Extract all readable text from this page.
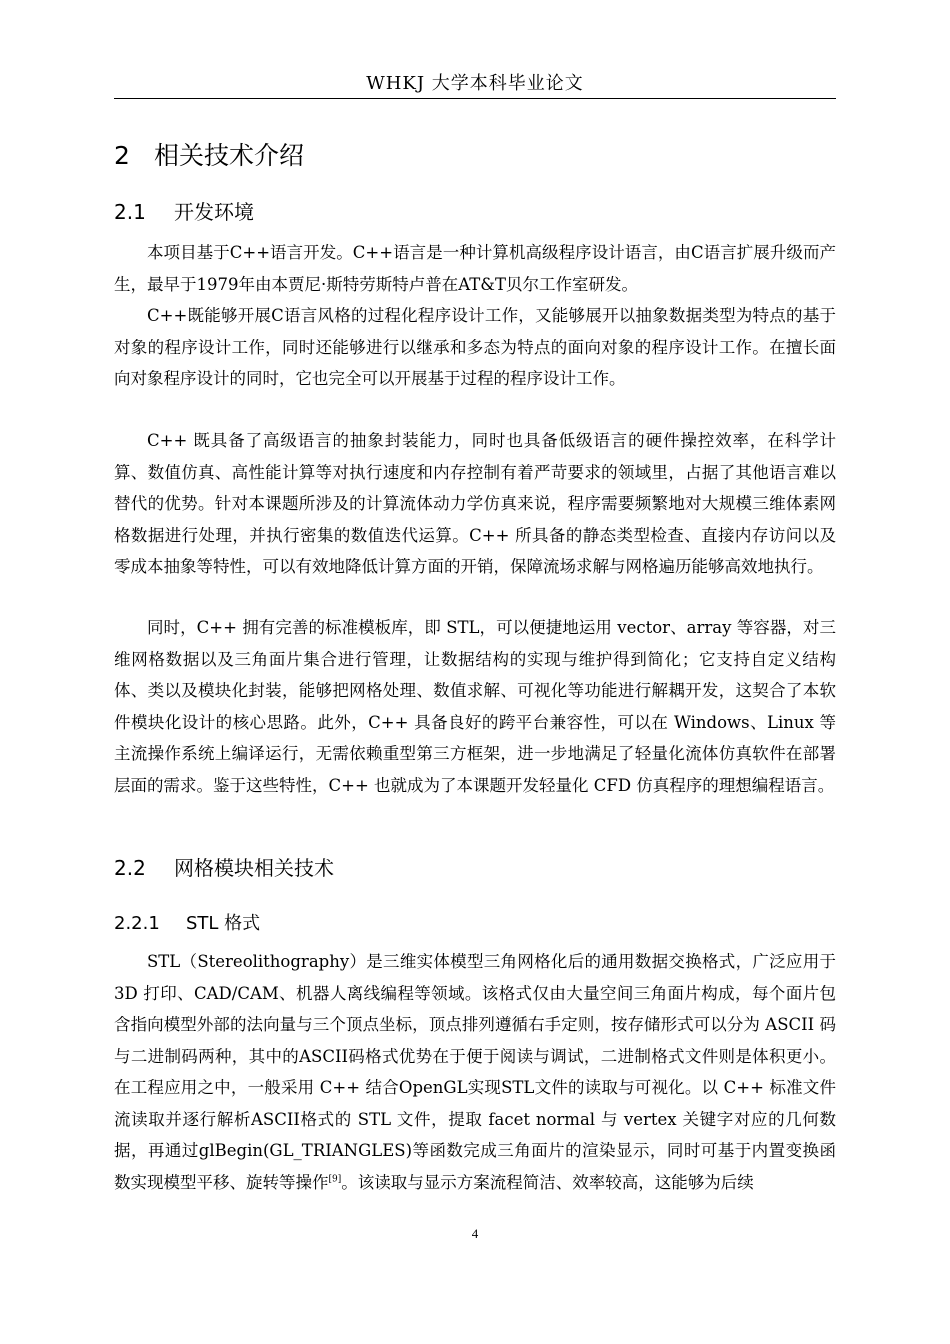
WHKJ 大学本科毕业论文
2 相关技术介绍
2.1 开发环境

本项目基于C++语言开发。C++语言是一种计算机高级程序设计语言，由C语言扩展升级而产生，最早于1979年由本贾尼·斯特劳斯特卢普在AT&T贝尔工作室研发。

C++既能够开展C语言风格的过程化程序设计工作，又能够展开以抽象数据类型为特点的基于对象的程序设计工作，同时还能够进行以继承和多态为特点的面向对象的程序设计工作。在擅长面向对象程序设计的同时，它也完全可以开展基于过程的程序设计工作。

C++ 既具备了高级语言的抽象封装能力，同时也具备低级语言的硬件操控效率，在科学计算、数值仿真、高性能计算等对执行速度和内存控制有着严苛要求的领域里，占据了其他语言难以替代的优势。针对本课题所涉及的计算流体动力学仿真来说，程序需要频繁地对大规模三维体素网格数据进行处理，并执行密集的数值迭代运算。C++ 所具备的静态类型检查、直接内存访问以及零成本抽象等特性，可以有效地降低计算方面的开销，保障流场求解与网格遍历能够高效地执行。

同时，C++ 拥有完善的标准模板库，即 STL，可以便捷地运用 vector、array 等容器，对三维网格数据以及三角面片集合进行管理，让数据结构的实现与维护得到简化；它支持自定义结构体、类以及模块化封装，能够把网格处理、数值求解、可视化等功能进行解耦开发，这契合了本软件模块化设计的核心思路。此外，C++ 具备良好的跨平台兼容性，可以在 Windows、Linux 等主流操作系统上编译运行，无需依赖重型第三方框架，进一步地满足了轻量化流体仿真软件在部署层面的需求。鉴于这些特性，C++ 也就成为了本课题开发轻量化 CFD 仿真程序的理想编程语言。

2.2 网格模块相关技术
2.2.1 STL 格式

STL（Stereolithography）是三维实体模型三角网格化后的通用数据交换格式，广泛应用于 3D 打印、CAD/CAM、机器人离线编程等领域。该格式仅由大量空间三角面片构成，每个面片包含指向模型外部的法向量与三个顶点坐标，顶点排列遵循右手定则，按存储形式可以分为 ASCII 码与二进制码两种，其中的ASCII码格式优势在于便于阅读与调试，二进制格式文件则是体积更小。在工程应用之中，一般采用 C++ 结合OpenGL实现STL文件的读取与可视化。以 C++ 标准文件流读取并逐行解析ASCII格式的 STL 文件，提取 facet normal 与 vertex 关键字对应的几何数据，再通过glBegin(GL_TRIANGLES)等函数完成三角面片的渲染显示，同时可基于内置变换函数实现模型平移、旋转等操作[9]。该读取与显示方案流程简洁、效率较高，这能够为后续

4
